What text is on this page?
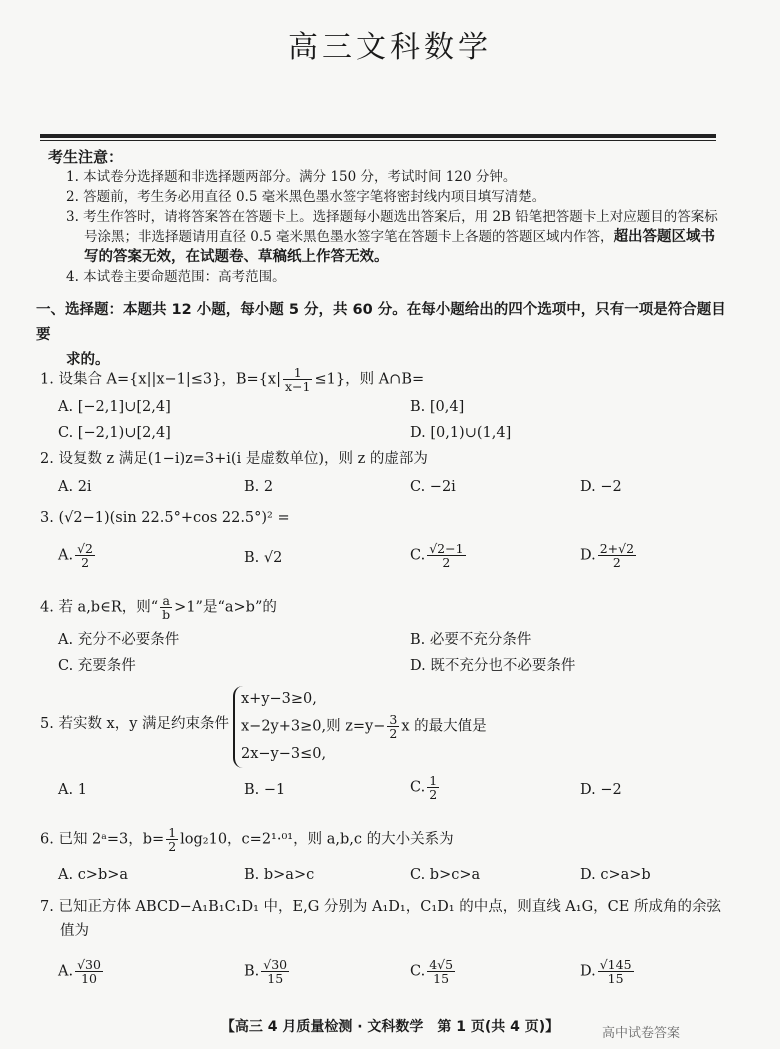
高三文科数学
考生注意：
1. 本试卷分选择题和非选择题两部分。满分 150 分，考试时间 120 分钟。
2. 答题前，考生务必用直径 0.5 毫米黑色墨水签字笔将密封线内项目填写清楚。
3. 考生作答时，请将答案答在答题卡上。选择题每小题选出答案后，用 2B 铅笔把答题卡上对应题目的答案标号涂黑；非选择题请用直径 0.5 毫米黑色墨水签字笔在答题卡上各题的答题区域内作答，超出答题区域书写的答案无效，在试题卷、草稿纸上作答无效。
4. 本试卷主要命题范围：高考范围。
一、选择题：本题共 12 小题，每小题 5 分，共 60 分。在每小题给出的四个选项中，只有一项是符合题目要
求的。
1. 设集合 A={x||x−1|≤3}，$B=\{x| \frac{1}{x-1} \le 1\}$，则 A∩B=
A. [−2,1]∪[2,4]	B. [0,4]
C. [−2,1)∪[2,4]	D. [0,1)∪(1,4]
2. 设复数 z 满足(1−i)z=3+i(i 是虚数单位)，则 z 的虚部为
A. 2i	B. 2	C. −2i	D. −2
3. (√2−1)(sin 22.5°+cos 22.5°)² =
A. $\frac{√2}{2}$	B. √2	C. $\frac{√2-1}{2}$	D. $\frac{2+√2}{2}$
4. 若 a,b∈R，则“ $\frac{a}{b} >1$”是“a>b”的
A. 充分不必要条件	B. 必要不充分条件
C. 充要条件	D. 既不充分也不必要条件
5. 若实数 x，y 满足约束条件
x+y−3≥0,
x−2y+3≥0,则 $z=y- \frac{3}{2}$ x 的最大值是
2x−y−3≤0,
A. 1	B. −1	C. $\frac{1}{2}$	D. −2
6. 已知 2ᵃ=3，$b= \frac{1}{2} \log_210$，c=2¹·⁰¹，则 a,b,c 的大小关系为
A. c>b>a	B. b>a>c	C. b>c>a	D. c>a>b
7. 已知正方体 ABCD−A₁B₁C₁D₁ 中，E,G 分别为 A₁D₁，C₁D₁ 的中点，则直线 A₁G，CE 所成角的余弦
值为
A. $\frac{√30}{10}$	B. $\frac{√30}{15}$	C. $\frac{4√5}{15}$	D. $\frac{√145}{15}$
【高三 4 月质量检测 · 文科数学　第 1 页(共 4 页)】	高中试卷答案
